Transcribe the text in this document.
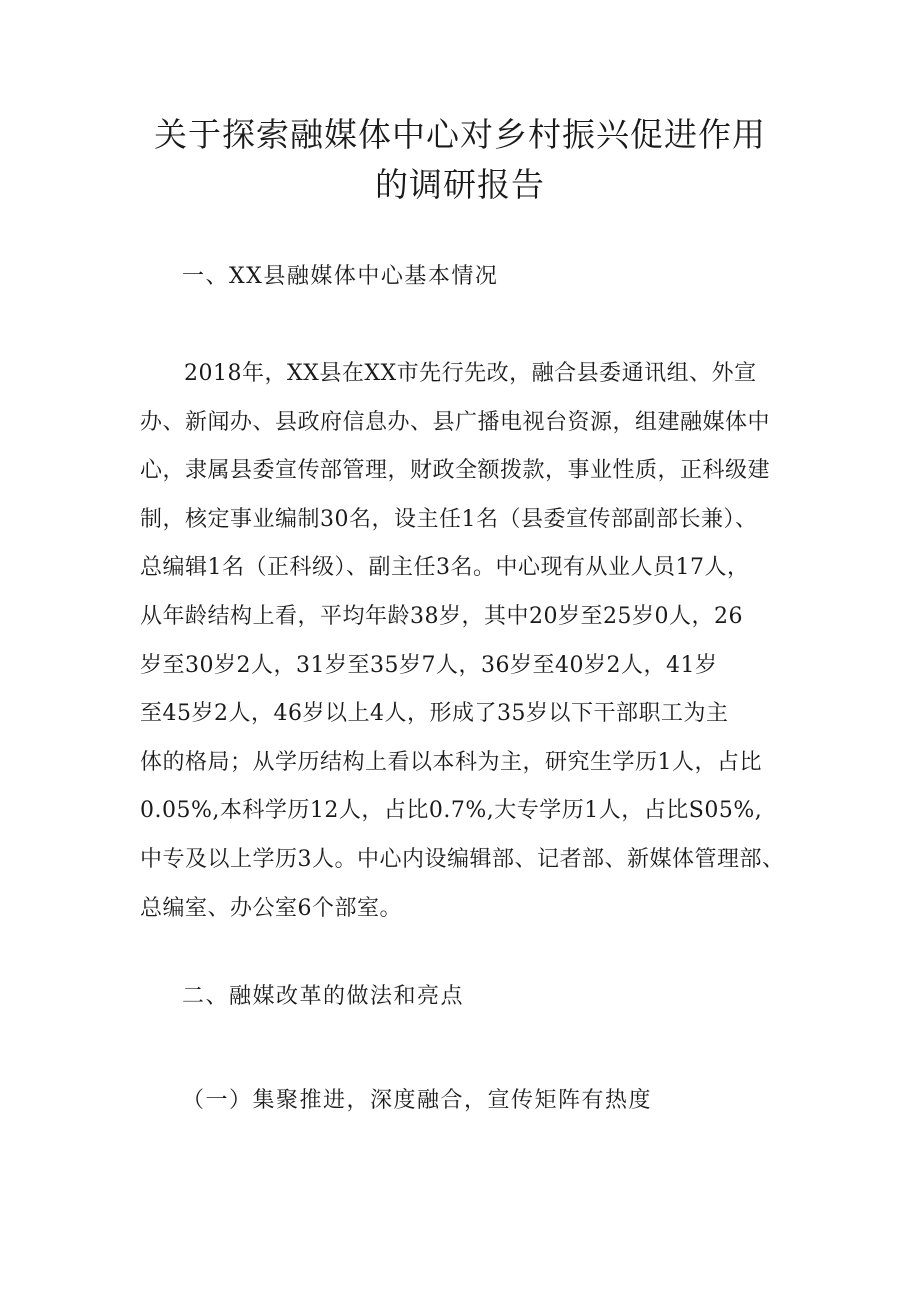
关于探索融媒体中心对乡村振兴促进作用
的调研报告
一、XX县融媒体中心基本情况
2018年，XX县在XX市先行先改，融合县委通讯组、外宣
办、新闻办、县政府信息办、县广播电视台资源，组建融媒体中
心，隶属县委宣传部管理，财政全额拨款，事业性质，正科级建
制，核定事业编制30名，设主任1名（县委宣传部副部长兼）、
总编辑1名（正科级）、副主任3名。中心现有从业人员17人，
从年龄结构上看，平均年龄38岁，其中20岁至25岁0人，26
岁至30岁2人，31岁至35岁7人，36岁至40岁2人，41岁
至45岁2人，46岁以上4人，形成了35岁以下干部职工为主
体的格局；从学历结构上看以本科为主，研究生学历1人，占比
0.05%,本科学历12人，占比0.7%,大专学历1人，占比S05%,
中专及以上学历3人。中心内设编辑部、记者部、新媒体管理部、
总编室、办公室6个部室。
二、融媒改革的做法和亮点
（一）集聚推进，深度融合，宣传矩阵有热度
